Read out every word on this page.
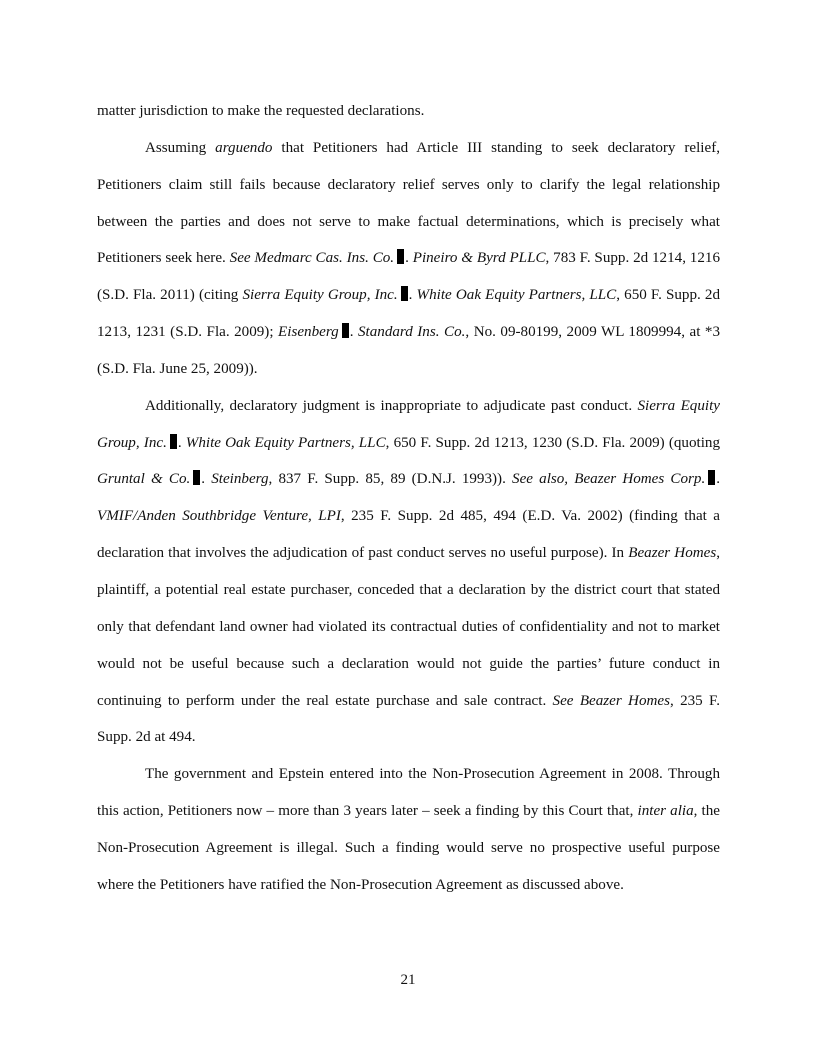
matter jurisdiction to make the requested declarations.

Assuming arguendo that Petitioners had Article III standing to seek declaratory relief, Petitioners claim still fails because declaratory relief serves only to clarify the legal relationship between the parties and does not serve to make factual determinations, which is precisely what Petitioners seek here. See Medmarc Cas. Ins. Co. . Pineiro & Byrd PLLC, 783 F. Supp. 2d 1214, 1216 (S.D. Fla. 2011) (citing Sierra Equity Group, Inc. . White Oak Equity Partners, LLC, 650 F. Supp. 2d 1213, 1231 (S.D. Fla. 2009); Eisenberg . Standard Ins. Co., No. 09-80199, 2009 WL 1809994, at *3 (S.D. Fla. June 25, 2009)).

Additionally, declaratory judgment is inappropriate to adjudicate past conduct. Sierra Equity Group, Inc. . White Oak Equity Partners, LLC, 650 F. Supp. 2d 1213, 1230 (S.D. Fla. 2009) (quoting Gruntal & Co. . Steinberg, 837 F. Supp. 85, 89 (D.N.J. 1993)). See also, Beazer Homes Corp. . VMIF/Anden Southbridge Venture, LPI, 235 F. Supp. 2d 485, 494 (E.D. Va. 2002) (finding that a declaration that involves the adjudication of past conduct serves no useful purpose). In Beazer Homes, plaintiff, a potential real estate purchaser, conceded that a declaration by the district court that stated only that defendant land owner had violated its contractual duties of confidentiality and not to market would not be useful because such a declaration would not guide the parties’ future conduct in continuing to perform under the real estate purchase and sale contract. See Beazer Homes, 235 F. Supp. 2d at 494.

The government and Epstein entered into the Non-Prosecution Agreement in 2008. Through this action, Petitioners now – more than 3 years later – seek a finding by this Court that, inter alia, the Non-Prosecution Agreement is illegal. Such a finding would serve no prospective useful purpose where the Petitioners have ratified the Non-Prosecution Agreement as discussed above.

21
